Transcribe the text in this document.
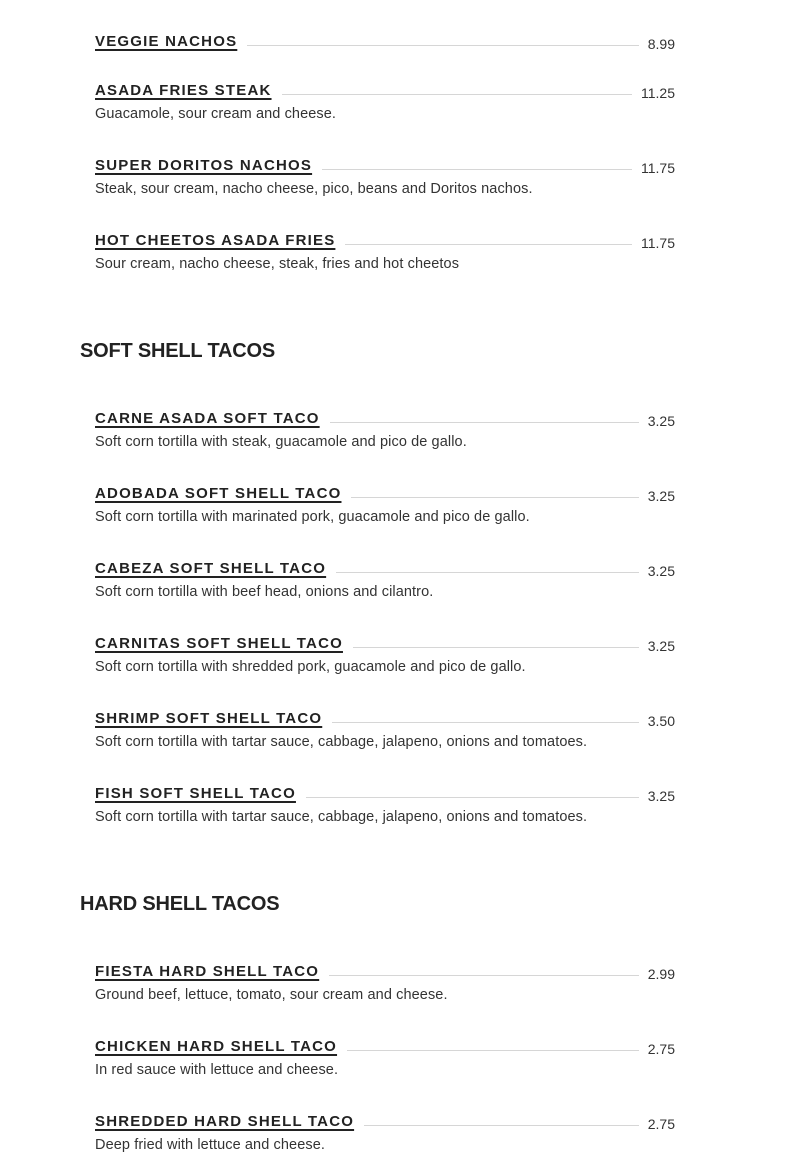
VEGGIE NACHOS	8.99
ASADA FRIES STEAK	11.25
Guacamole, sour cream and cheese.
SUPER DORITOS NACHOS	11.75
Steak, sour cream, nacho cheese, pico, beans and Doritos nachos.
HOT CHEETOS ASADA FRIES	11.75
Sour cream, nacho cheese, steak, fries and hot cheetos
SOFT SHELL TACOS
CARNE ASADA SOFT TACO	3.25
Soft corn tortilla with steak, guacamole and pico de gallo.
ADOBADA SOFT SHELL TACO	3.25
Soft corn tortilla with marinated pork, guacamole and pico de gallo.
CABEZA SOFT SHELL TACO	3.25
Soft corn tortilla with beef head, onions and cilantro.
CARNITAS SOFT SHELL TACO	3.25
Soft corn tortilla with shredded pork, guacamole and pico de gallo.
SHRIMP SOFT SHELL TACO	3.50
Soft corn tortilla with tartar sauce, cabbage, jalapeno, onions and tomatoes.
FISH SOFT SHELL TACO	3.25
Soft corn tortilla with tartar sauce, cabbage, jalapeno, onions and tomatoes.
HARD SHELL TACOS
FIESTA HARD SHELL TACO	2.99
Ground beef, lettuce, tomato, sour cream and cheese.
CHICKEN HARD SHELL TACO	2.75
In red sauce with lettuce and cheese.
SHREDDED HARD SHELL TACO	2.75
Deep fried with lettuce and cheese.
